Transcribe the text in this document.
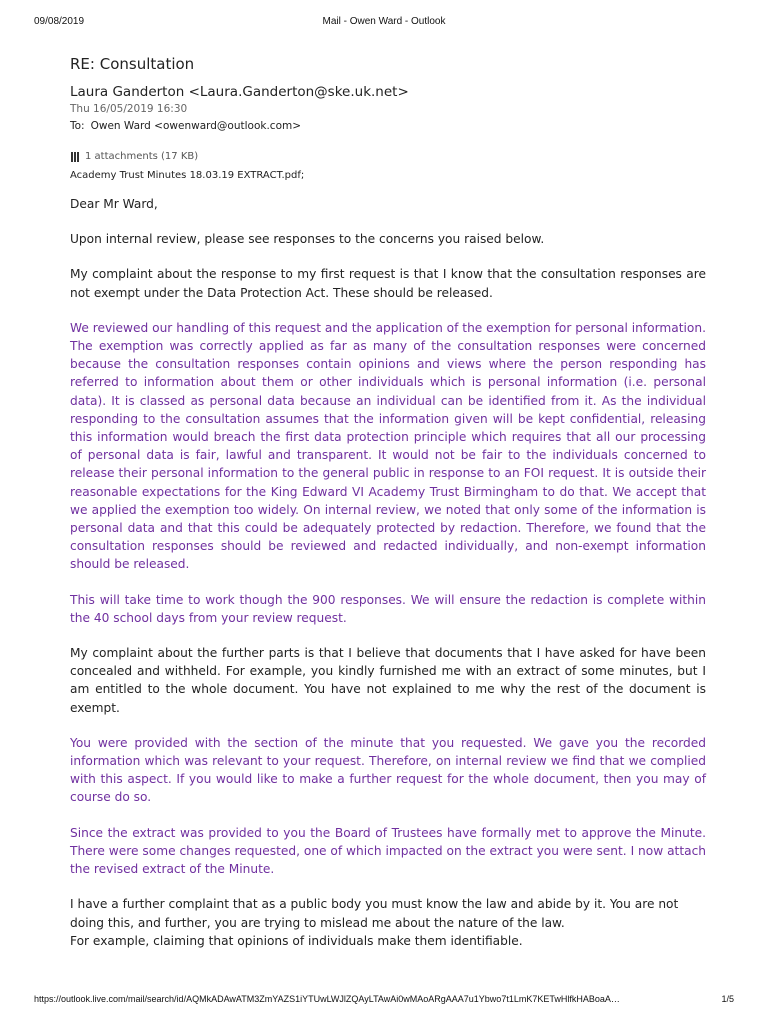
09/08/2019	Mail - Owen Ward - Outlook
RE: Consultation
Laura Ganderton <Laura.Ganderton@ske.uk.net>
Thu 16/05/2019 16:30
To: Owen Ward <owenward@outlook.com>
1 attachments (17 KB)
Academy Trust Minutes 18.03.19 EXTRACT.pdf;

Dear Mr Ward,

Upon internal review, please see responses to the concerns you raised below.

My complaint about the response to my first request is that I know that the consultation responses are not exempt under the Data Protection Act. These should be released.

We reviewed our handling of this request and the application of the exemption for personal information. The exemption was correctly applied as far as many of the consultation responses were concerned because the consultation responses contain opinions and views where the person responding has referred to information about them or other individuals which is personal information (i.e. personal data). It is classed as personal data because an individual can be identified from it. As the individual responding to the consultation assumes that the information given will be kept confidential, releasing this information would breach the first data protection principle which requires that all our processing of personal data is fair, lawful and transparent. It would not be fair to the individuals concerned to release their personal information to the general public in response to an FOI request. It is outside their reasonable expectations for the King Edward VI Academy Trust Birmingham to do that. We accept that we applied the exemption too widely. On internal review, we noted that only some of the information is personal data and that this could be adequately protected by redaction. Therefore, we found that the consultation responses should be reviewed and redacted individually, and non-exempt information should be released.

This will take time to work though the 900 responses. We will ensure the redaction is complete within the 40 school days from your review request.

My complaint about the further parts is that I believe that documents that I have asked for have been concealed and withheld. For example, you kindly furnished me with an extract of some minutes, but I am entitled to the whole document. You have not explained to me why the rest of the document is exempt.

You were provided with the section of the minute that you requested. We gave you the recorded information which was relevant to your request. Therefore, on internal review we find that we complied with this aspect. If you would like to make a further request for the whole document, then you may of course do so.

Since the extract was provided to you the Board of Trustees have formally met to approve the Minute. There were some changes requested, one of which impacted on the extract you were sent. I now attach the revised extract of the Minute.

I have a further complaint that as a public body you must know the law and abide by it. You are not doing this, and further, you are trying to mislead me about the nature of the law.

For example, claiming that opinions of individuals make them identifiable.

https://outlook.live.com/mail/search/id/AQMkADAwATM3ZmYAZS1iYTUwLWJlZQAyLTAwAi0wMAoARgAAA7u1Ybwo7t1LmK7KETwHlfkHABoaA…	1/5
